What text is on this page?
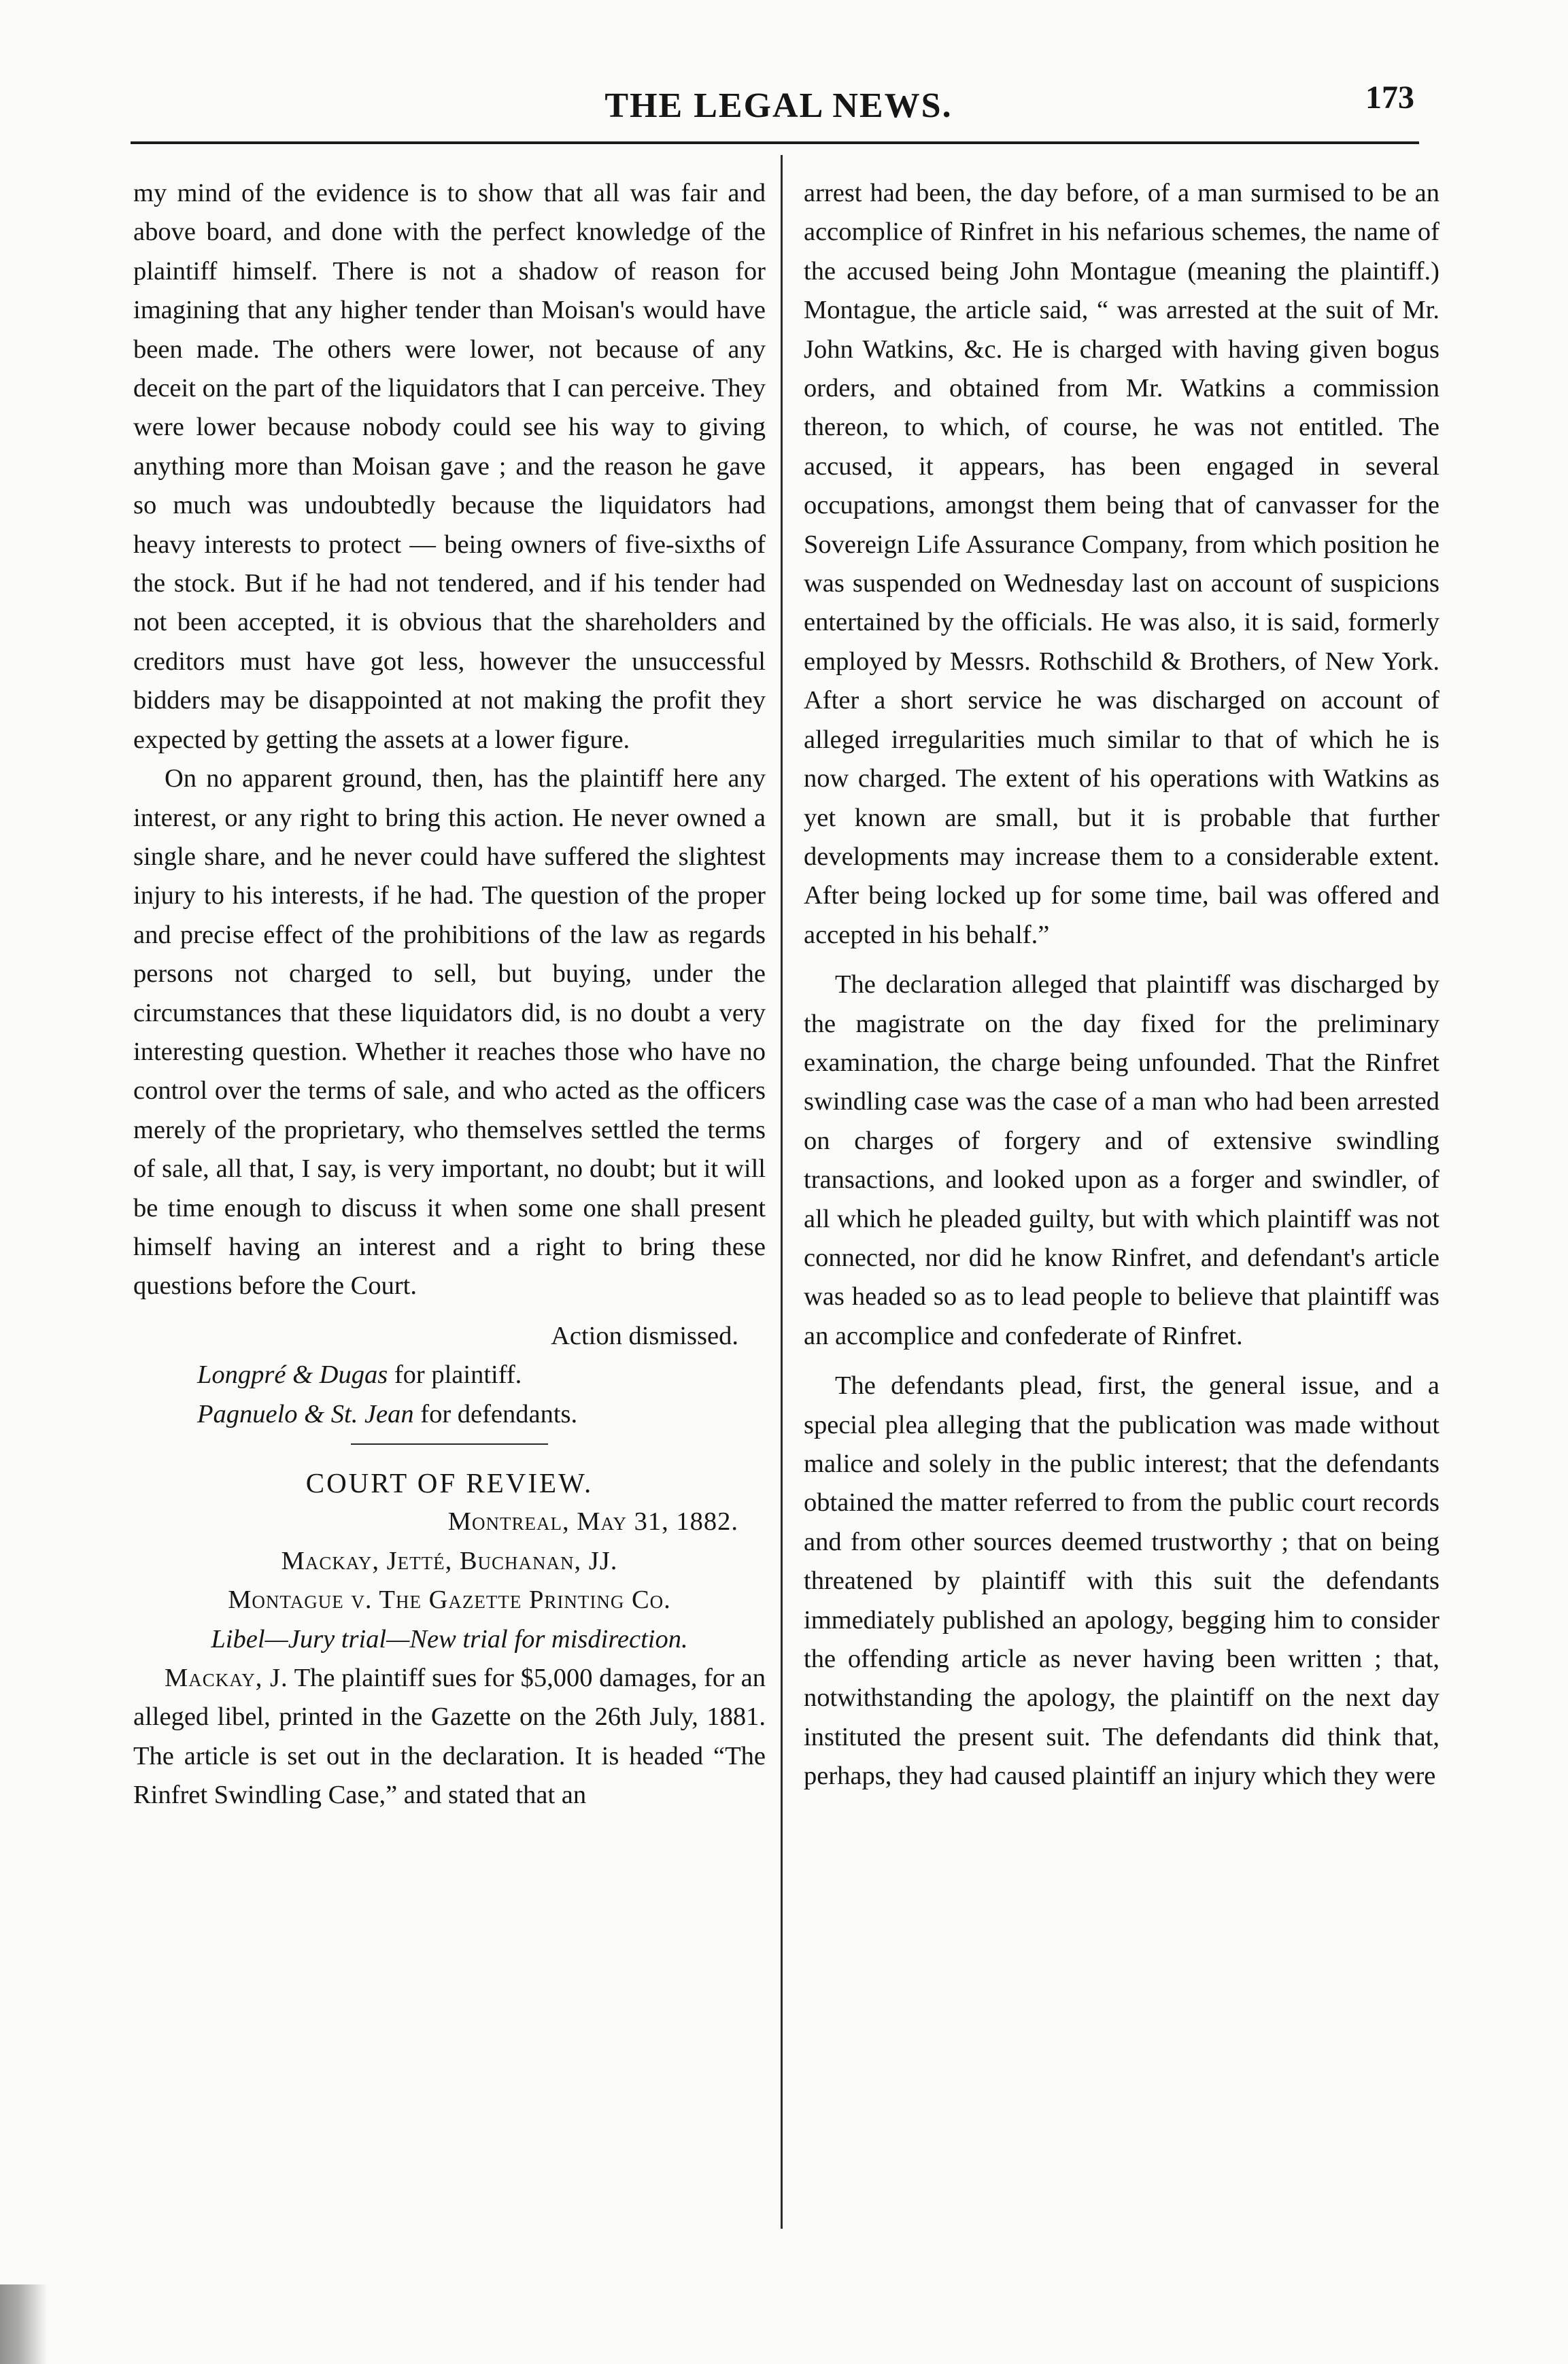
THE LEGAL NEWS.	173

my mind of the evidence is to show that all was fair and above board, and done with the perfect knowledge of the plaintiff himself. There is not a shadow of reason for imagining that any higher tender than Moisan's would have been made. The others were lower, not because of any deceit on the part of the liquidators that I can perceive. They were lower because nobody could see his way to giving anything more than Moisan gave ; and the reason he gave so much was undoubtedly because the liquidators had heavy interests to protect — being owners of five-sixths of the stock. But if he had not tendered, and if his tender had not been accepted, it is obvious that the shareholders and creditors must have got less, however the unsuccessful bidders may be disappointed at not making the profit they expected by getting the assets at a lower figure.

On no apparent ground, then, has the plaintiff here any interest, or any right to bring this action. He never owned a single share, and he never could have suffered the slightest injury to his interests, if he had. The question of the proper and precise effect of the prohibitions of the law as regards persons not charged to sell, but buying, under the circumstances that these liquidators did, is no doubt a very interesting question. Whether it reaches those who have no control over the terms of sale, and who acted as the officers merely of the proprietary, who themselves settled the terms of sale, all that, I say, is very important, no doubt; but it will be time enough to discuss it when some one shall present himself having an interest and a right to bring these questions before the Court.

Action dismissed.

Longpré & Dugas for plaintiff.

Pagnuelo & St. Jean for defendants.

COURT OF REVIEW.

Montreal, May 31, 1882.

Mackay, Jetté, Buchanan, JJ.

Montague v. The Gazette Printing Co.

Libel—Jury trial—New trial for misdirection.

Mackay, J. The plaintiff sues for $5,000 damages, for an alleged libel, printed in the Gazette on the 26th July, 1881. The article is set out in the declaration. It is headed “The Rinfret Swindling Case,” and stated that an

arrest had been, the day before, of a man surmised to be an accomplice of Rinfret in his nefarious schemes, the name of the accused being John Montague (meaning the plaintiff.) Montague, the article said, “ was arrested at the suit of Mr. John Watkins, &c. He is charged with having given bogus orders, and obtained from Mr. Watkins a commission thereon, to which, of course, he was not entitled. The accused, it appears, has been engaged in several occupations, amongst them being that of canvasser for the Sovereign Life Assurance Company, from which position he was suspended on Wednesday last on account of suspicions entertained by the officials. He was also, it is said, formerly employed by Messrs. Rothschild & Brothers, of New York. After a short service he was discharged on account of alleged irregularities much similar to that of which he is now charged. The extent of his operations with Watkins as yet known are small, but it is probable that further developments may increase them to a considerable extent. After being locked up for some time, bail was offered and accepted in his behalf.”

The declaration alleged that plaintiff was discharged by the magistrate on the day fixed for the preliminary examination, the charge being unfounded. That the Rinfret swindling case was the case of a man who had been arrested on charges of forgery and of extensive swindling transactions, and looked upon as a forger and swindler, of all which he pleaded guilty, but with which plaintiff was not connected, nor did he know Rinfret, and defendant's article was headed so as to lead people to believe that plaintiff was an accomplice and confederate of Rinfret.

The defendants plead, first, the general issue, and a special plea alleging that the publication was made without malice and solely in the public interest; that the defendants obtained the matter referred to from the public court records and from other sources deemed trustworthy ; that on being threatened by plaintiff with this suit the defendants immediately published an apology, begging him to consider the offending article as never having been written ; that, notwithstanding the apology, the plaintiff on the next day instituted the present suit. The defendants did think that, perhaps, they had caused plaintiff an injury which they were
